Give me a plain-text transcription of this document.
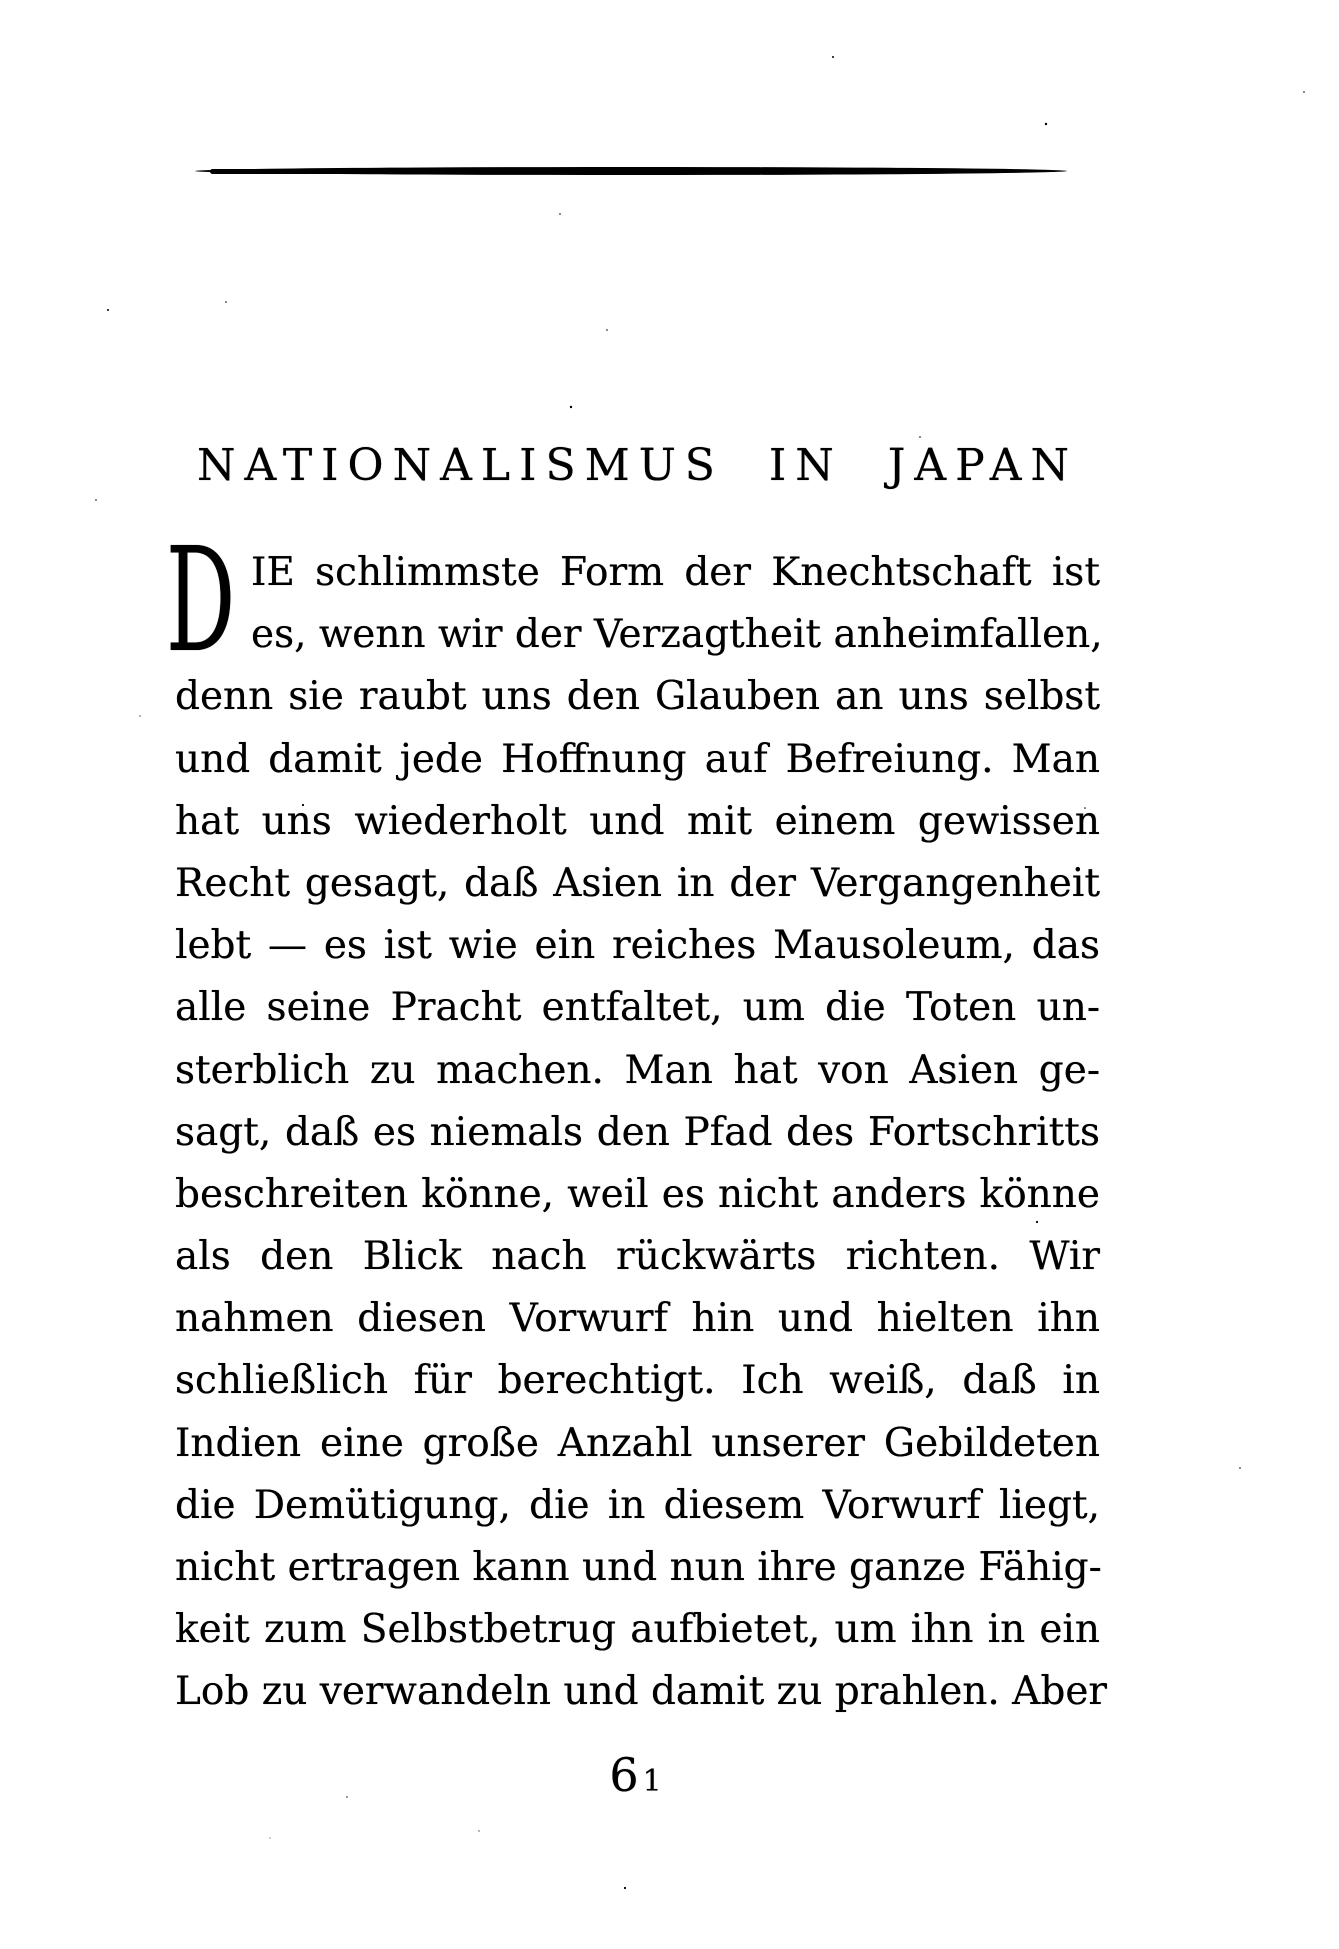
NATIONALISMUS IN JAPAN
D IE schlimmste Form der Knechtschaft ist
es, wenn wir der Verzagtheit anheimfallen,
denn sie raubt uns den Glauben an uns selbst
und damit jede Hoffnung auf Befreiung. Man
hat uns wiederholt und mit einem gewissen
Recht gesagt, daß Asien in der Vergangenheit
lebt — es ist wie ein reiches Mausoleum, das
alle seine Pracht entfaltet, um die Toten un-
sterblich zu machen. Man hat von Asien ge-
sagt, daß es niemals den Pfad des Fortschritts
beschreiten könne, weil es nicht anders könne
als den Blick nach rückwärts richten. Wir
nahmen diesen Vorwurf hin und hielten ihn
schließlich für berechtigt. Ich weiß, daß in
Indien eine große Anzahl unserer Gebildeten
die Demütigung, die in diesem Vorwurf liegt,
nicht ertragen kann und nun ihre ganze Fähig-
keit zum Selbstbetrug aufbietet, um ihn in ein
Lob zu verwandeln und damit zu prahlen. Aber
61
